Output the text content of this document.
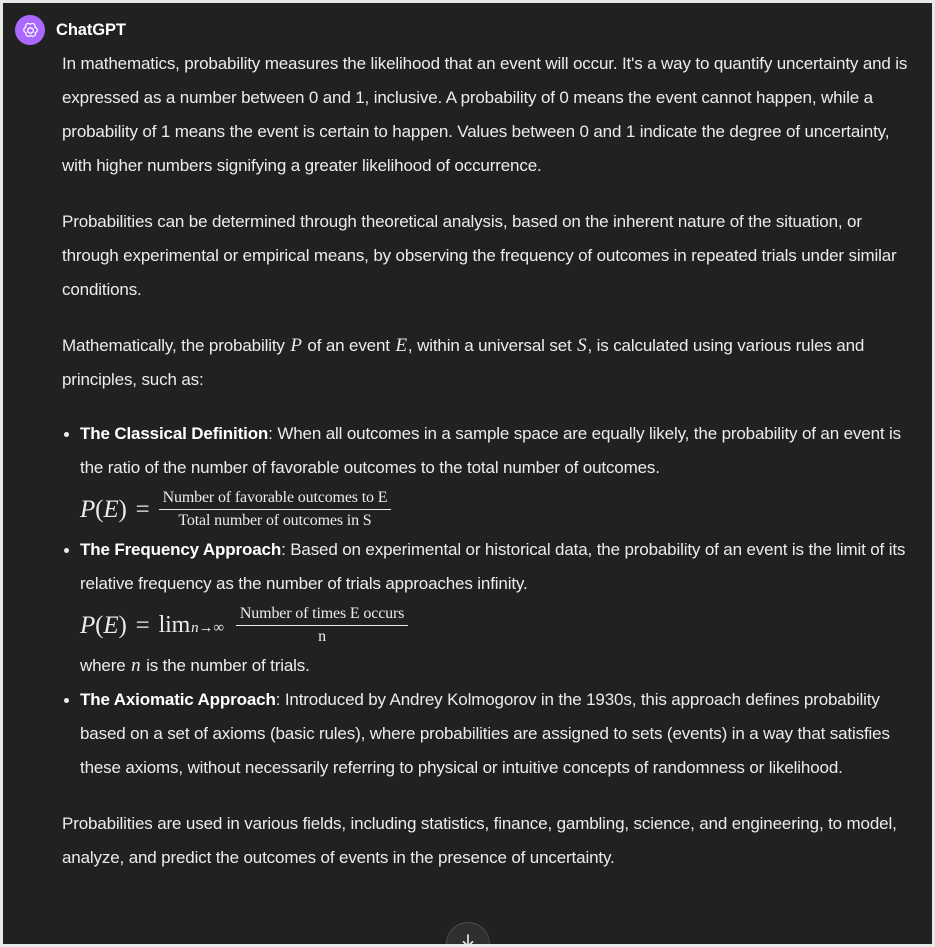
ChatGPT

In mathematics, probability measures the likelihood that an event will occur. It's a way to quantify uncertainty and is expressed as a number between 0 and 1, inclusive. A probability of 0 means the event cannot happen, while a probability of 1 means the event is certain to happen. Values between 0 and 1 indicate the degree of uncertainty, with higher numbers signifying a greater likelihood of occurrence.

Probabilities can be determined through theoretical analysis, based on the inherent nature of the situation, or through experimental or empirical means, by observing the frequency of outcomes in repeated trials under similar conditions.

Mathematically, the probability P of an event E, within a universal set S, is calculated using various rules and principles, such as:

The Classical Definition: When all outcomes in a sample space are equally likely, the probability of an event is the ratio of the number of favorable outcomes to the total number of outcomes.
$P(E) = \frac{\text{Number of favorable outcomes to E}}{\text{Total number of outcomes in S}}$
The Frequency Approach: Based on experimental or historical data, the probability of an event is the limit of its relative frequency as the number of trials approaches infinity.
$P(E) = \lim n\to\infty \frac{\text{Number of times E occurs}}{n}$
where n is the number of trials.
The Axiomatic Approach: Introduced by Andrey Kolmogorov in the 1930s, this approach defines probability based on a set of axioms (basic rules), where probabilities are assigned to sets (events) in a way that satisfies these axioms, without necessarily referring to physical or intuitive concepts of randomness or likelihood.

Probabilities are used in various fields, including statistics, finance, gambling, science, and engineering, to model, analyze, and predict the outcomes of events in the presence of uncertainty.
